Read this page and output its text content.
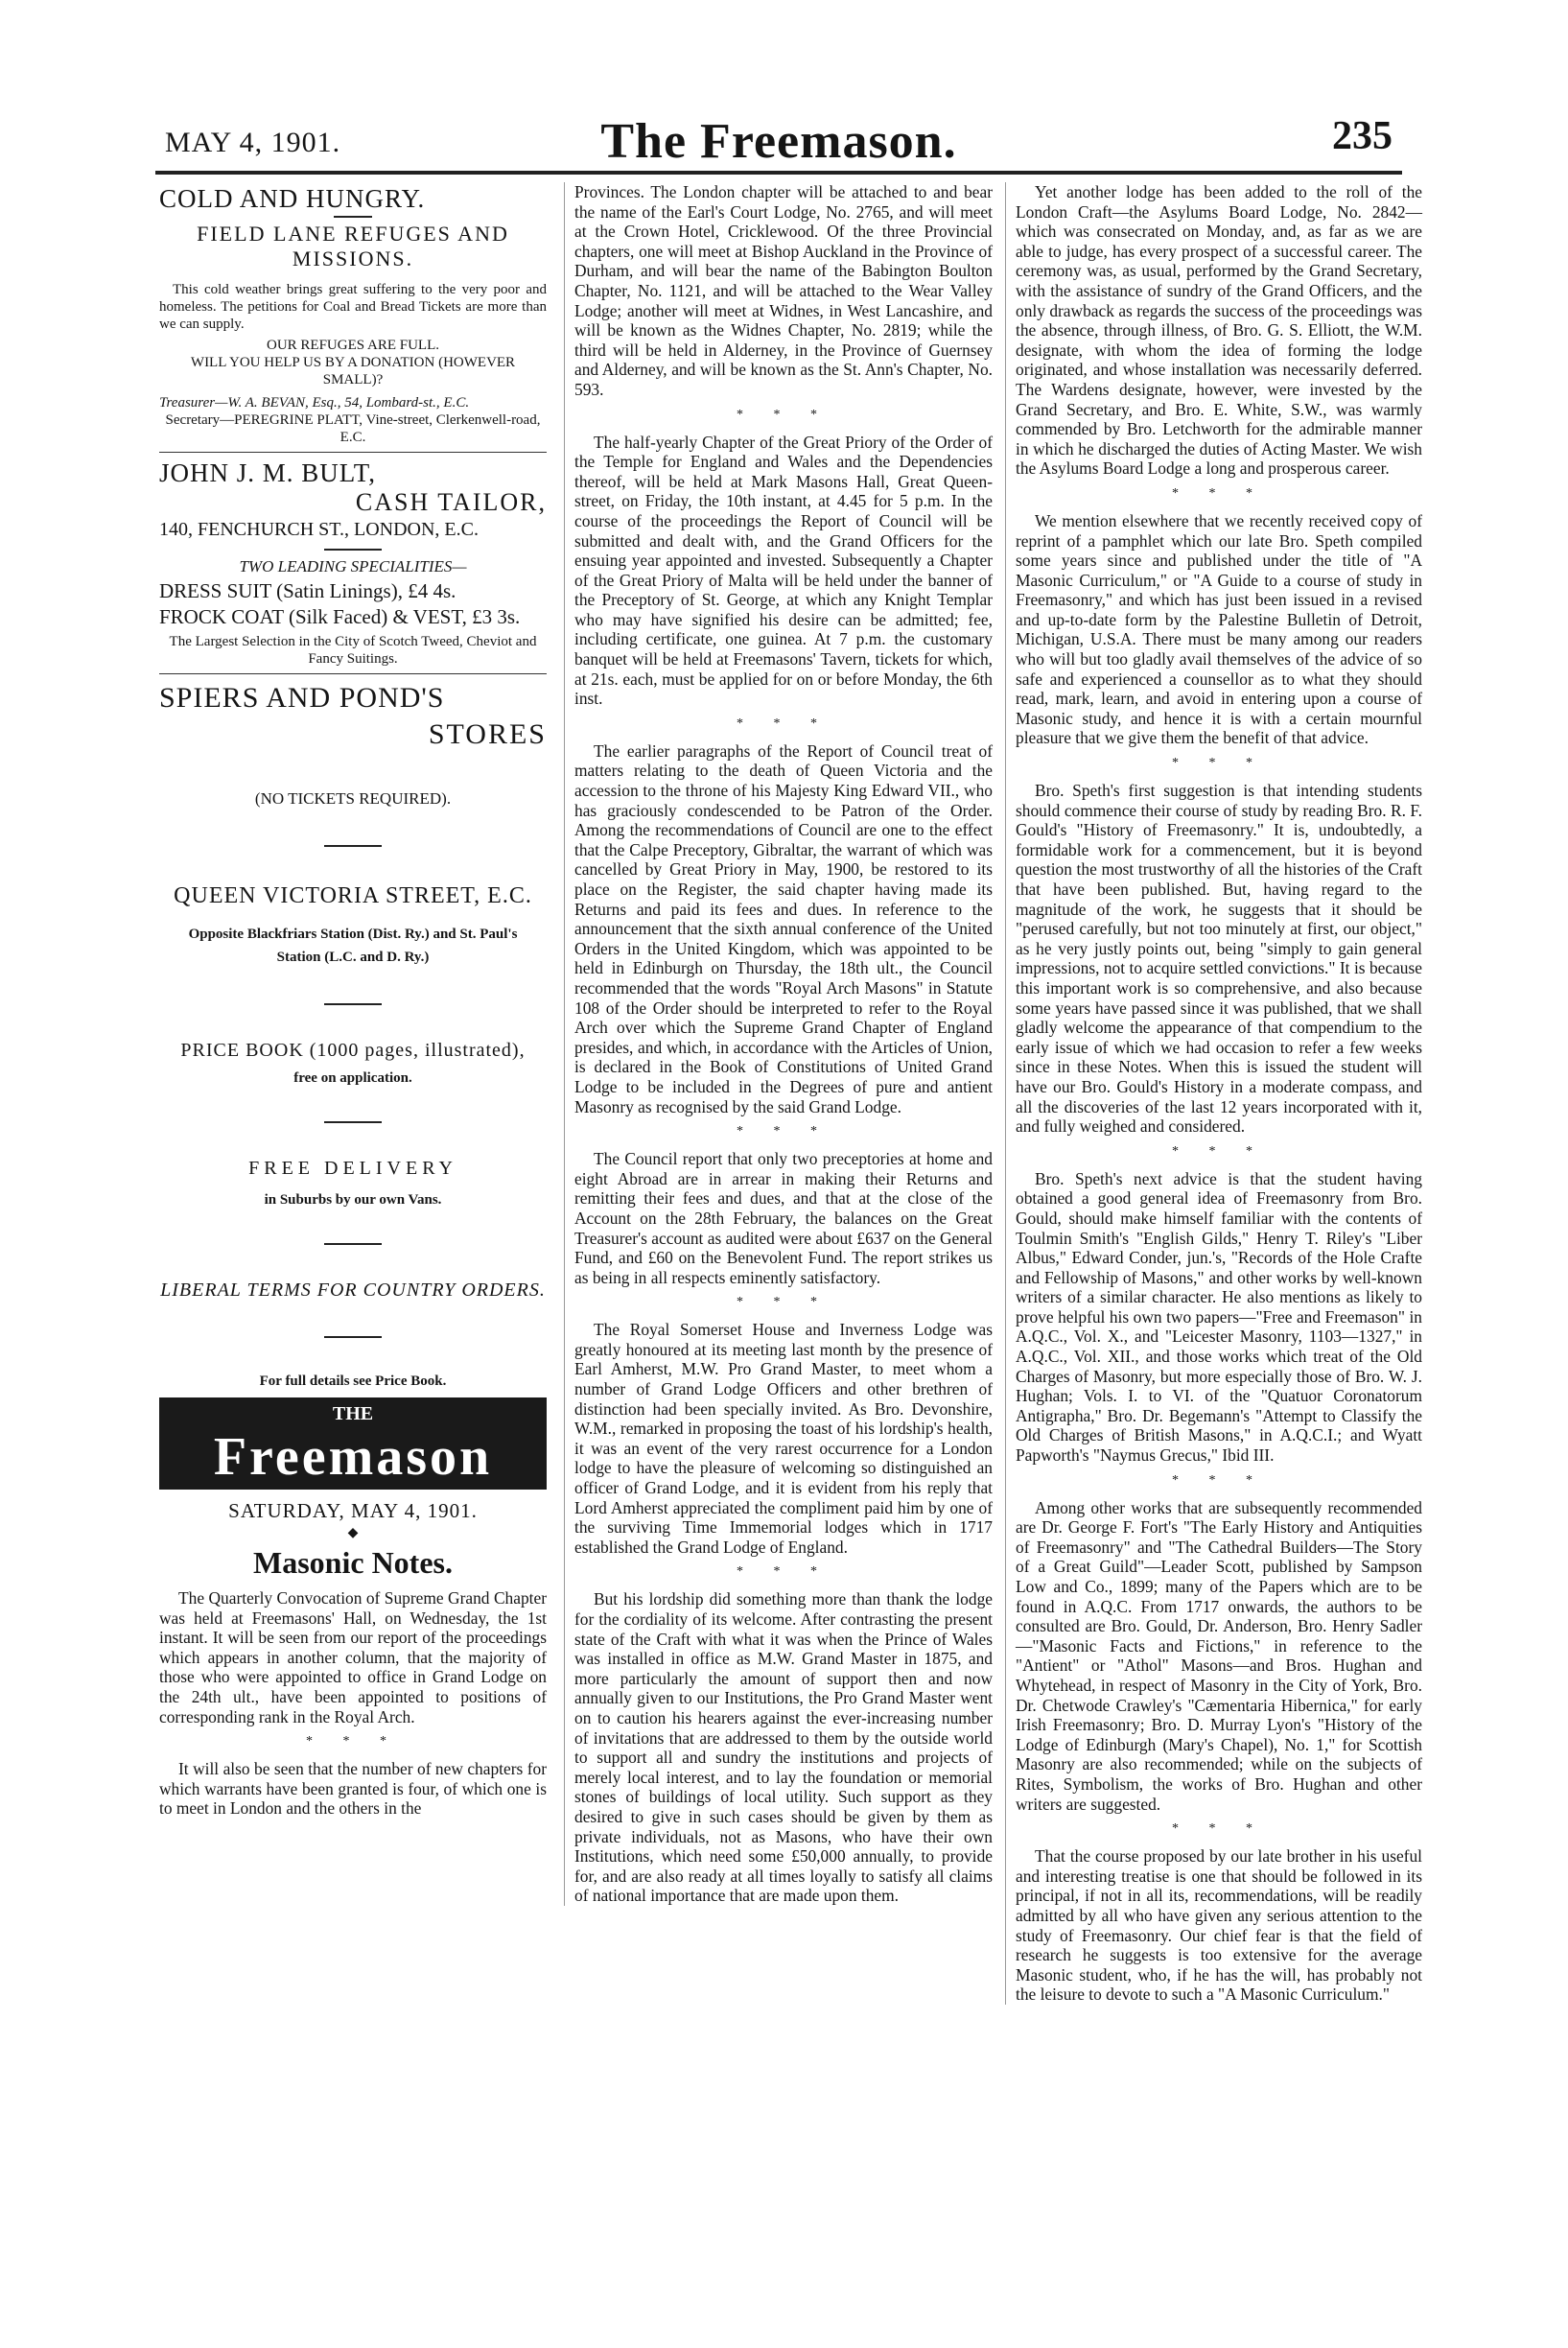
MAY 4, 1901.	The Freemason.	235

COLD AND HUNGRY.

FIELD LANE REFUGES AND MISSIONS.

This cold weather brings great suffering to the very poor and homeless. The petitions for Coal and Bread Tickets are more than we can supply.

OUR REFUGES ARE FULL.

WILL YOU HELP US BY A DONATION (HOWEVER SMALL)?

Treasurer—W. A. BEVAN, Esq., 54, Lombard-st., E.C.

Secretary—PEREGRINE PLATT, Vine-street, Clerkenwell-road, E.C.

JOHN J. M. BULT,

CASH TAILOR,

140, FENCHURCH ST., LONDON, E.C.

TWO LEADING SPECIALITIES—

DRESS SUIT (Satin Linings), £4 4s.

FROCK COAT (Silk Faced) & VEST, £3 3s.

The Largest Selection in the City of Scotch Tweed, Cheviot and Fancy Suitings.

SPIERS AND POND'S

STORES

(NO TICKETS REQUIRED).

QUEEN VICTORIA STREET, E.C.

Opposite Blackfriars Station (Dist. Ry.) and St. Paul's Station (L.C. and D. Ry.)

PRICE BOOK (1000 pages, illustrated),

free on application.

FREE DELIVERY

in Suburbs by our own Vans.

LIBERAL TERMS FOR COUNTRY ORDERS.

For full details see Price Book.

THE
Freemason

SATURDAY, MAY 4, 1901.

◆

Masonic Notes.

The Quarterly Convocation of Supreme Grand Chapter was held at Freemasons' Hall, on Wednesday, the 1st instant. It will be seen from our report of the proceedings which appears in another column, that the majority of those who were appointed to office in Grand Lodge on the 24th ult., have been appointed to positions of corresponding rank in the Royal Arch.

* * *

It will also be seen that the number of new chapters for which warrants have been granted is four, of which one is to meet in London and the others in the

Provinces. The London chapter will be attached to and bear the name of the Earl's Court Lodge, No. 2765, and will meet at the Crown Hotel, Cricklewood. Of the three Provincial chapters, one will meet at Bishop Auckland in the Province of Durham, and will bear the name of the Babington Boulton Chapter, No. 1121, and will be attached to the Wear Valley Lodge; another will meet at Widnes, in West Lancashire, and will be known as the Widnes Chapter, No. 2819; while the third will be held in Alderney, in the Province of Guernsey and Alderney, and will be known as the St. Ann's Chapter, No. 593.

* * *

The half-yearly Chapter of the Great Priory of the Order of the Temple for England and Wales and the Dependencies thereof, will be held at Mark Masons Hall, Great Queen-street, on Friday, the 10th instant, at 4.45 for 5 p.m. In the course of the proceedings the Report of Council will be submitted and dealt with, and the Grand Officers for the ensuing year appointed and invested. Subsequently a Chapter of the Great Priory of Malta will be held under the banner of the Preceptory of St. George, at which any Knight Templar who may have signified his desire can be admitted; fee, including certificate, one guinea. At 7 p.m. the customary banquet will be held at Freemasons' Tavern, tickets for which, at 21s. each, must be applied for on or before Monday, the 6th inst.

* * *

The earlier paragraphs of the Report of Council treat of matters relating to the death of Queen Victoria and the accession to the throne of his Majesty King Edward VII., who has graciously condescended to be Patron of the Order. Among the recommendations of Council are one to the effect that the Calpe Preceptory, Gibraltar, the warrant of which was cancelled by Great Priory in May, 1900, be restored to its place on the Register, the said chapter having made its Returns and paid its fees and dues. In reference to the announcement that the sixth annual conference of the United Orders in the United Kingdom, which was appointed to be held in Edinburgh on Thursday, the 18th ult., the Council recommended that the words "Royal Arch Masons" in Statute 108 of the Order should be interpreted to refer to the Royal Arch over which the Supreme Grand Chapter of England presides, and which, in accordance with the Articles of Union, is declared in the Book of Constitutions of United Grand Lodge to be included in the Degrees of pure and antient Masonry as recognised by the said Grand Lodge.

* * *

The Council report that only two preceptories at home and eight Abroad are in arrear in making their Returns and remitting their fees and dues, and that at the close of the Account on the 28th February, the balances on the Great Treasurer's account as audited were about £637 on the General Fund, and £60 on the Benevolent Fund. The report strikes us as being in all respects eminently satisfactory.

* * *

The Royal Somerset House and Inverness Lodge was greatly honoured at its meeting last month by the presence of Earl Amherst, M.W. Pro Grand Master, to meet whom a number of Grand Lodge Officers and other brethren of distinction had been specially invited. As Bro. Devonshire, W.M., remarked in proposing the toast of his lordship's health, it was an event of the very rarest occurrence for a London lodge to have the pleasure of welcoming so distinguished an officer of Grand Lodge, and it is evident from his reply that Lord Amherst appreciated the compliment paid him by one of the surviving Time Immemorial lodges which in 1717 established the Grand Lodge of England.

* * *

But his lordship did something more than thank the lodge for the cordiality of its welcome. After contrasting the present state of the Craft with what it was when the Prince of Wales was installed in office as M.W. Grand Master in 1875, and more particularly the amount of support then and now annually given to our Institutions, the Pro Grand Master went on to caution his hearers against the ever-increasing number of invitations that are addressed to them by the outside world to support all and sundry the institutions and projects of merely local interest, and to lay the foundation or memorial stones of buildings of local utility. Such support as they desired to give in such cases should be given by them as private individuals, not as Masons, who have their own Institutions, which need some £50,000 annually, to provide for, and are also ready at all times loyally to satisfy all claims of national importance that are made upon them.

Yet another lodge has been added to the roll of the London Craft—the Asylums Board Lodge, No. 2842—which was consecrated on Monday, and, as far as we are able to judge, has every prospect of a successful career. The ceremony was, as usual, performed by the Grand Secretary, with the assistance of sundry of the Grand Officers, and the only drawback as regards the success of the proceedings was the absence, through illness, of Bro. G. S. Elliott, the W.M. designate, with whom the idea of forming the lodge originated, and whose installation was necessarily deferred. The Wardens designate, however, were invested by the Grand Secretary, and Bro. E. White, S.W., was warmly commended by Bro. Letchworth for the admirable manner in which he discharged the duties of Acting Master. We wish the Asylums Board Lodge a long and prosperous career.

* * *

We mention elsewhere that we recently received copy of reprint of a pamphlet which our late Bro. Speth compiled some years since and published under the title of "A Masonic Curriculum," or "A Guide to a course of study in Freemasonry," and which has just been issued in a revised and up-to-date form by the Palestine Bulletin of Detroit, Michigan, U.S.A. There must be many among our readers who will but too gladly avail themselves of the advice of so safe and experienced a counsellor as to what they should read, mark, learn, and avoid in entering upon a course of Masonic study, and hence it is with a certain mournful pleasure that we give them the benefit of that advice.

* * *

Bro. Speth's first suggestion is that intending students should commence their course of study by reading Bro. R. F. Gould's "History of Freemasonry." It is, undoubtedly, a formidable work for a commencement, but it is beyond question the most trustworthy of all the histories of the Craft that have been published. But, having regard to the magnitude of the work, he suggests that it should be "perused carefully, but not too minutely at first, our object," as he very justly points out, being "simply to gain general impressions, not to acquire settled convictions." It is because this important work is so comprehensive, and also because some years have passed since it was published, that we shall gladly welcome the appearance of that compendium to the early issue of which we had occasion to refer a few weeks since in these Notes. When this is issued the student will have our Bro. Gould's History in a moderate compass, and all the discoveries of the last 12 years incorporated with it, and fully weighed and considered.

* * *

Bro. Speth's next advice is that the student having obtained a good general idea of Freemasonry from Bro. Gould, should make himself familiar with the contents of Toulmin Smith's "English Gilds," Henry T. Riley's "Liber Albus," Edward Conder, jun.'s, "Records of the Hole Crafte and Fellowship of Masons," and other works by well-known writers of a similar character. He also mentions as likely to prove helpful his own two papers—"Free and Freemason" in A.Q.C., Vol. X., and "Leicester Masonry, 1103—1327," in A.Q.C., Vol. XII., and those works which treat of the Old Charges of Masonry, but more especially those of Bro. W. J. Hughan; Vols. I. to VI. of the "Quatuor Coronatorum Antigrapha," Bro. Dr. Begemann's "Attempt to Classify the Old Charges of British Masons," in A.Q.C.I.; and Wyatt Papworth's "Naymus Grecus," Ibid III.

* * *

Among other works that are subsequently recommended are Dr. George F. Fort's "The Early History and Antiquities of Freemasonry" and "The Cathedral Builders—The Story of a Great Guild"—Leader Scott, published by Sampson Low and Co., 1899; many of the Papers which are to be found in A.Q.C. From 1717 onwards, the authors to be consulted are Bro. Gould, Dr. Anderson, Bro. Henry Sadler—"Masonic Facts and Fictions," in reference to the "Antient" or "Athol" Masons—and Bros. Hughan and Whytehead, in respect of Masonry in the City of York, Bro. Dr. Chetwode Crawley's "Cæmentaria Hibernica," for early Irish Freemasonry; Bro. D. Murray Lyon's "History of the Lodge of Edinburgh (Mary's Chapel), No. 1," for Scottish Masonry are also recommended; while on the subjects of Rites, Symbolism, the works of Bro. Hughan and other writers are suggested.

* * *

That the course proposed by our late brother in his useful and interesting treatise is one that should be followed in its principal, if not in all its, recommendations, will be readily admitted by all who have given any serious attention to the study of Freemasonry. Our chief fear is that the field of research he suggests is too extensive for the average Masonic student, who, if he has the will, has probably not the leisure to devote to such a "A Masonic Curriculum."
